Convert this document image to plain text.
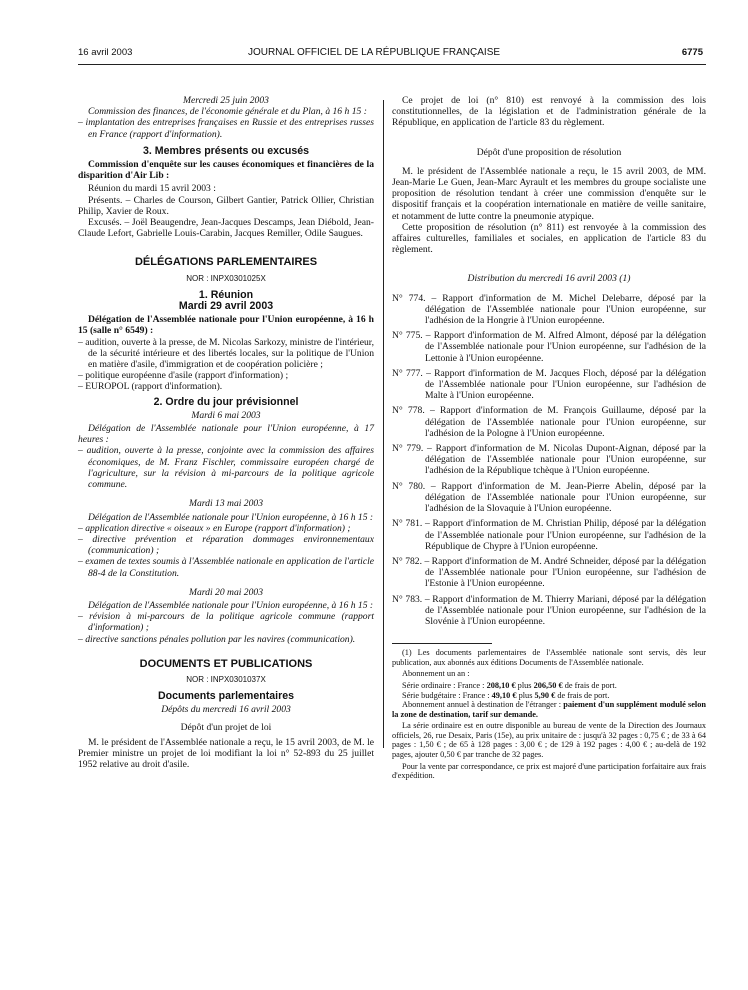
16 avril 2003	JOURNAL OFFICIEL DE LA RÉPUBLIQUE FRANÇAISE	6775

Mercredi 25 juin 2003

Commission des finances, de l'économie générale et du Plan, à 16 h 15 :

– implantation des entreprises françaises en Russie et des entreprises russes en France (rapport d'information).

3. Membres présents ou excusés

Commission d'enquête sur les causes économiques et financières de la disparition d'Air Lib :

Réunion du mardi 15 avril 2003 :

Présents. – Charles de Courson, Gilbert Gantier, Patrick Ollier, Christian Philip, Xavier de Roux.

Excusés. – Joël Beaugendre, Jean-Jacques Descamps, Jean Diébold, Jean-Claude Lefort, Gabrielle Louis-Carabin, Jacques Remiller, Odile Saugues.

DÉLÉGATIONS PARLEMENTAIRES

NOR : INPX0301025X

1. Réunion

Mardi 29 avril 2003

Délégation de l'Assemblée nationale pour l'Union européenne, à 16 h 15 (salle n° 6549) :

– audition, ouverte à la presse, de M. Nicolas Sarkozy, ministre de l'intérieur, de la sécurité intérieure et des libertés locales, sur la politique de l'Union en matière d'asile, d'immigration et de coopération policière ;

– politique européenne d'asile (rapport d'information) ;

– EUROPOL (rapport d'information).

2. Ordre du jour prévisionnel

Mardi 6 mai 2003

Délégation de l'Assemblée nationale pour l'Union européenne, à 17 heures :

– audition, ouverte à la presse, conjointe avec la commission des affaires économiques, de M. Franz Fischler, commissaire européen chargé de l'agriculture, sur la révision à mi-parcours de la politique agricole commune.

Mardi 13 mai 2003

Délégation de l'Assemblée nationale pour l'Union européenne, à 16 h 15 :

– application directive « oiseaux » en Europe (rapport d'information) ;

– directive prévention et réparation dommages environnementaux (communication) ;

– examen de textes soumis à l'Assemblée nationale en application de l'article 88-4 de la Constitution.

Mardi 20 mai 2003

Délégation de l'Assemblée nationale pour l'Union européenne, à 16 h 15 :

– révision à mi-parcours de la politique agricole commune (rapport d'information) ;

– directive sanctions pénales pollution par les navires (communication).

DOCUMENTS ET PUBLICATIONS

NOR : INPX0301037X

Documents parlementaires

Dépôts du mercredi 16 avril 2003

Dépôt d'un projet de loi

M. le président de l'Assemblée nationale a reçu, le 15 avril 2003, de M. le Premier ministre un projet de loi modifiant la loi n° 52-893 du 25 juillet 1952 relative au droit d'asile.

Ce projet de loi (n° 810) est renvoyé à la commission des lois constitutionnelles, de la législation et de l'administration générale de la République, en application de l'article 83 du règlement.

Dépôt d'une proposition de résolution

M. le président de l'Assemblée nationale a reçu, le 15 avril 2003, de MM. Jean-Marie Le Guen, Jean-Marc Ayrault et les membres du groupe socialiste une proposition de résolution tendant à créer une commission d'enquête sur le dispositif français et la coopération internationale en matière de veille sanitaire, et notamment de lutte contre la pneumonie atypique.

Cette proposition de résolution (n° 811) est renvoyée à la commission des affaires culturelles, familiales et sociales, en application de l'article 83 du règlement.

Distribution du mercredi 16 avril 2003 (1)

N° 774. – Rapport d'information de M. Michel Delebarre, déposé par la délégation de l'Assemblée nationale pour l'Union européenne, sur l'adhésion de la Hongrie à l'Union européenne.

N° 775. – Rapport d'information de M. Alfred Almont, déposé par la délégation de l'Assemblée nationale pour l'Union européenne, sur l'adhésion de la Lettonie à l'Union européenne.

N° 777. – Rapport d'information de M. Jacques Floch, déposé par la délégation de l'Assemblée nationale pour l'Union européenne, sur l'adhésion de Malte à l'Union européenne.

N° 778. – Rapport d'information de M. François Guillaume, déposé par la délégation de l'Assemblée nationale pour l'Union européenne, sur l'adhésion de la Pologne à l'Union européenne.

N° 779. – Rapport d'information de M. Nicolas Dupont-Aignan, déposé par la délégation de l'Assemblée nationale pour l'Union européenne, sur l'adhésion de la République tchèque à l'Union européenne.

N° 780. – Rapport d'information de M. Jean-Pierre Abelin, déposé par la délégation de l'Assemblée nationale pour l'Union européenne, sur l'adhésion de la Slovaquie à l'Union européenne.

N° 781. – Rapport d'information de M. Christian Philip, déposé par la délégation de l'Assemblée nationale pour l'Union européenne, sur l'adhésion de la République de Chypre à l'Union européenne.

N° 782. – Rapport d'information de M. André Schneider, déposé par la délégation de l'Assemblée nationale pour l'Union européenne, sur l'adhésion de l'Estonie à l'Union européenne.

N° 783. – Rapport d'information de M. Thierry Mariani, déposé par la délégation de l'Assemblée nationale pour l'Union européenne, sur l'adhésion de la Slovénie à l'Union européenne.

(1) Les documents parlementaires de l'Assemblée nationale sont servis, dès leur publication, aux abonnés aux éditions Documents de l'Assemblée nationale.

Abonnement un an :

Série ordinaire : France : 208,10 € plus 206,50 € de frais de port.

Série budgétaire : France : 49,10 € plus 5,90 € de frais de port.

Abonnement annuel à destination de l'étranger : paiement d'un supplément modulé selon la zone de destination, tarif sur demande.

La série ordinaire est en outre disponible au bureau de vente de la Direction des Journaux officiels, 26, rue Desaix, Paris (15e), au prix unitaire de : jusqu'à 32 pages : 0,75 € ; de 33 à 64 pages : 1,50 € ; de 65 à 128 pages : 3,00 € ; de 129 à 192 pages : 4,00 € ; au-delà de 192 pages, ajouter 0,50 € par tranche de 32 pages.

Pour la vente par correspondance, ce prix est majoré d'une participation forfaitaire aux frais d'expédition.
